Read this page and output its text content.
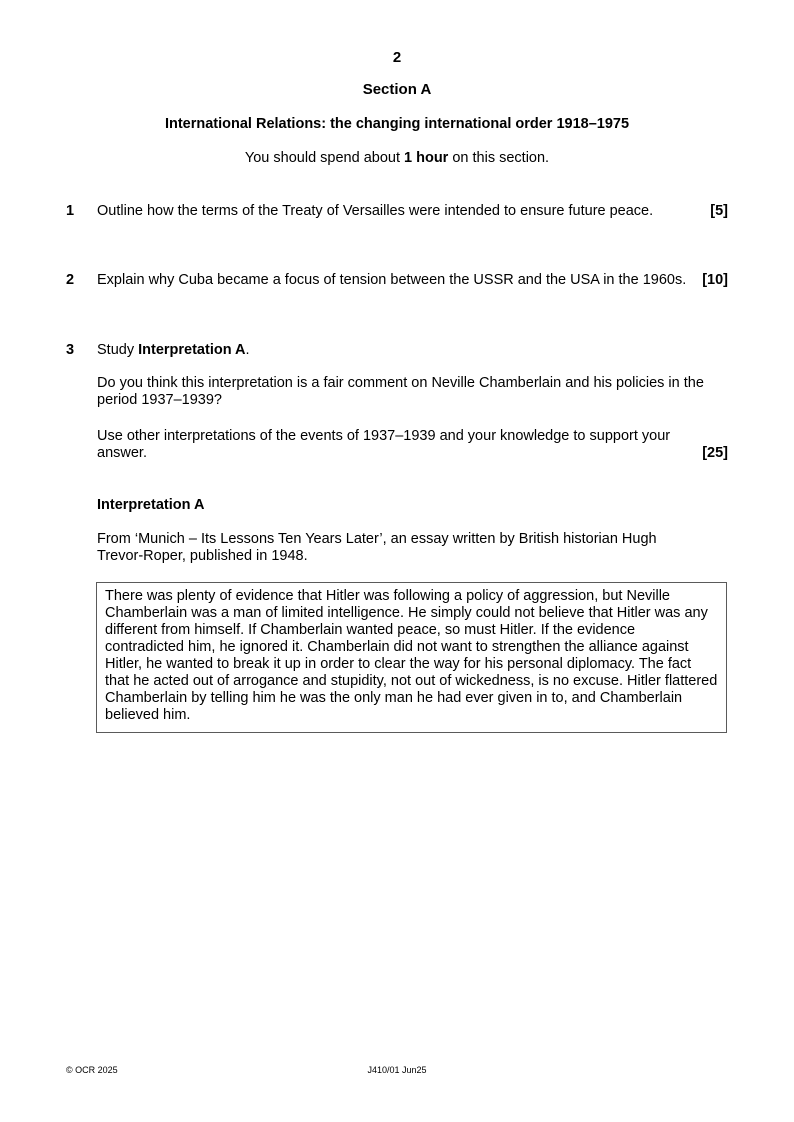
2
Section A
International Relations: the changing international order 1918–1975
You should spend about 1 hour on this section.
1 Outline how the terms of the Treaty of Versailles were intended to ensure future peace.	[5]
2 Explain why Cuba became a focus of tension between the USSR and the USA in the 1960s.	[10]
3 Study Interpretation A.
Do you think this interpretation is a fair comment on Neville Chamberlain and his policies in the period 1937–1939?
Use other interpretations of the events of 1937–1939 and your knowledge to support your answer.	[25]
Interpretation A
From ‘Munich – Its Lessons Ten Years Later’, an essay written by British historian Hugh Trevor-Roper, published in 1948.
There was plenty of evidence that Hitler was following a policy of aggression, but Neville Chamberlain was a man of limited intelligence. He simply could not believe that Hitler was any different from himself. If Chamberlain wanted peace, so must Hitler. If the evidence contradicted him, he ignored it. Chamberlain did not want to strengthen the alliance against Hitler, he wanted to break it up in order to clear the way for his personal diplomacy. The fact that he acted out of arrogance and stupidity, not out of wickedness, is no excuse. Hitler flattered Chamberlain by telling him he was the only man he had ever given in to, and Chamberlain believed him.
© OCR 2025	J410/01 Jun25
